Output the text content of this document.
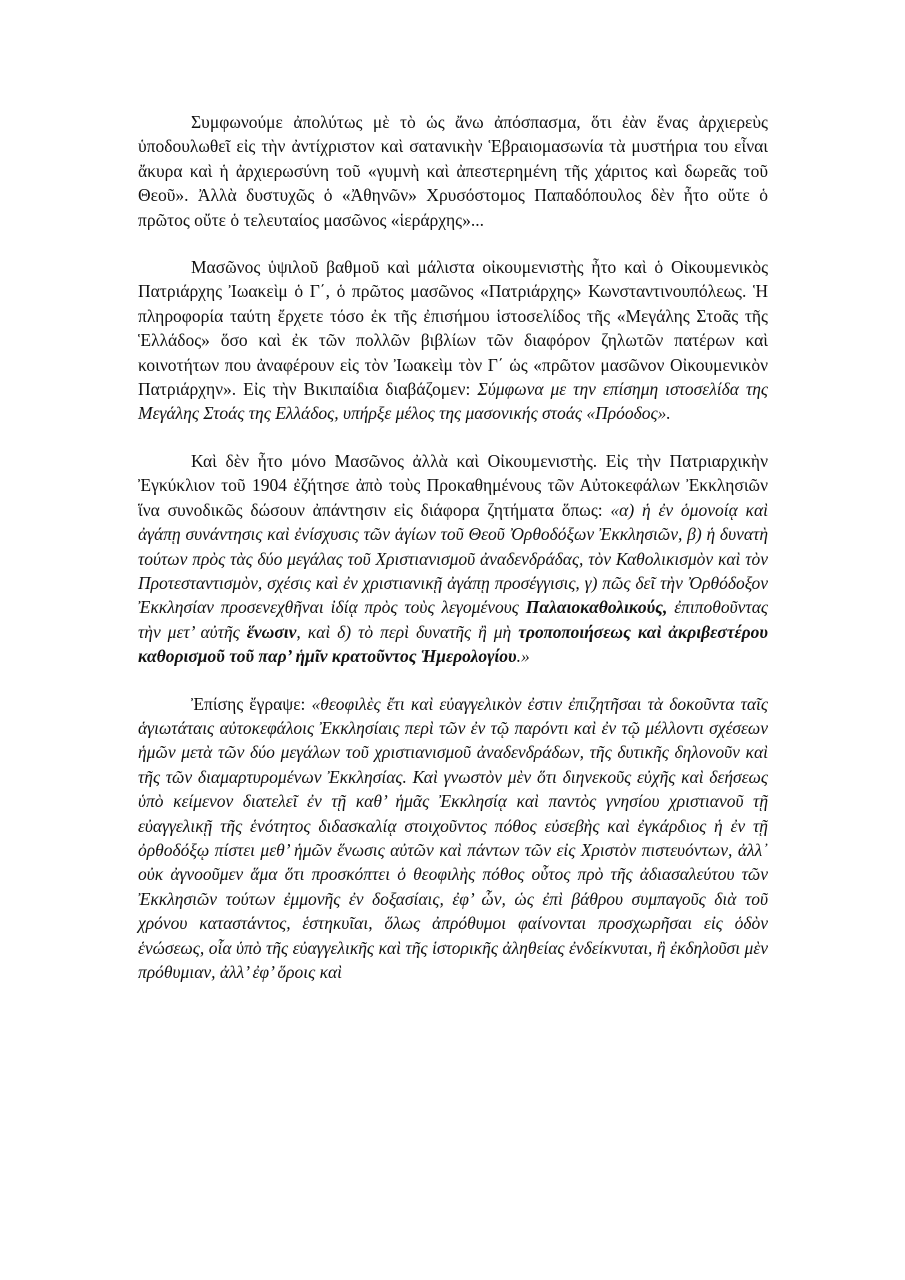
Συμφωνούμε ἀπολύτως μὲ τὸ ὡς ἄνω ἀπόσπασμα, ὅτι ἐὰν ἕνας ἀρχιερεὺς ὑποδουλωθεῖ εἰς τὴν ἀντίχριστον καὶ σατανικὴν Ἑβραιομασωνία τὰ μυστήρια του εἶναι ἄκυρα καὶ ἡ ἀρχιερωσύνη τοῦ «γυμνὴ καὶ ἀπεστερημένη τῆς χάριτος καὶ δωρεᾶς τοῦ Θεοῦ». Ἀλλὰ δυστυχῶς ὁ «Ἀθηνῶν» Χρυσόστομος Παπαδόπουλος δὲν ἦτο οὔτε ὁ πρῶτος οὔτε ὁ τελευταίος μασῶνος «ἱεράρχης»...

Μασῶνος ὑψιλοῦ βαθμοῦ καὶ μάλιστα οἰκουμενιστὴς ἦτο καὶ ὁ Οἰκουμενικὸς Πατριάρχης Ἰωακεὶμ ὁ Γ΄, ὁ πρῶτος μασῶνος «Πατριάρχης» Κωνσταντινουπόλεως. Ἡ πληροφορία ταύτη ἔρχετε τόσο ἐκ τῆς ἐπισήμου ἱστοσελίδος τῆς «Μεγάλης Στοᾶς τῆς Ἑλλάδος» ὅσο καὶ ἐκ τῶν πολλῶν βιβλίων τῶν διαφόρον ζηλωτῶν πατέρων καὶ κοινοτήτων που ἀναφέρουν εἰς τὸν Ἰωακεὶμ τὸν Γ΄ ὡς «πρῶτον μασῶνον Οἰκουμενικὸν Πατριάρχην». Εἰς τὴν Βικιπαίδια διαβάζομεν: Σύμφωνα με την επίσημη ιστοσελίδα της Μεγάλης Στοάς της Ελλάδος, υπήρξε μέλος της μασονικής στοάς «Πρόοδος».

Καὶ δὲν ἦτο μόνο Μασῶνος ἀλλὰ καὶ Οἰκουμενιστὴς. Εἰς τὴν Πατριαρχικὴν Ἐγκύκλιον τοῦ 1904 ἐζήτησε ἀπὸ τοὺς Προκαθημένους τῶν Αὐτοκεφάλων Ἐκκλησιῶν ἵνα συνοδικῶς δώσουν ἀπάντησιν εἰς διάφορα ζητήματα ὅπως: «α) ἡ ἐν ὁμονοίᾳ καὶ ἀγάπῃ συνάντησις καὶ ἐνίσχυσις τῶν ἁγίων τοῦ Θεοῦ Ὀρθοδόξων Ἐκκλησιῶν, β) ἡ δυνατὴ τούτων πρὸς τὰς δύο μεγάλας τοῦ Χριστιανισμοῦ ἀναδενδράδας, τὸν Καθολικισμὸν καὶ τὸν Προτεσταντισμὸν, σχέσις καὶ ἐν χριστιανικῇ ἀγάπῃ προσέγγισις, γ) πῶς δεῖ τὴν Ὀρθόδοξον Ἐκκλησίαν προσενεχθῆναι ἰδίᾳ πρὸς τοὺς λεγομένους Παλαιοκαθολικούς, ἐπιποθοῦντας τὴν μετ’ αὐτῆς ἕνωσιν, καὶ δ) τὸ περὶ δυνατῆς ἢ μὴ τροποποιήσεως καὶ ἀκριβεστέρου καθορισμοῦ τοῦ παρ’ ἡμῖν κρατοῦντος Ἡμερολογίου.»

Ἐπίσης ἔγραψε: «θεοφιλὲς ἔτι καὶ εὐαγγελικὸν ἐστιν ἐπιζητῆσαι τὰ δοκοῦντα ταῖς ἁγιωτάταις αὐτοκεφάλοις Ἐκκλησίαις περὶ τῶν ἐν τῷ παρόντι καὶ ἐν τῷ μέλλοντι σχέσεων ἡμῶν μετὰ τῶν δύο μεγάλων τοῦ χριστιανισμοῦ ἀναδενδράδων, τῆς δυτικῆς δηλονοῦν καὶ τῆς τῶν διαμαρτυρομένων Ἐκκλησίας. Καὶ γνωστὸν μὲν ὅτι διηνεκοῦς εὐχῆς καὶ δεήσεως ὑπὸ κείμενον διατελεῖ ἐν τῇ καθ’ ἡμᾶς Ἐκκλησίᾳ καὶ παντὸς γνησίου χριστιανοῦ τῇ εὐαγγελικῇ τῆς ἑνότητος διδασκαλίᾳ στοιχοῦντος πόθος εὐσεβὴς καὶ ἐγκάρδιος ἡ ἐν τῇ ὀρθοδόξῳ πίστει μεθ’ ἡμῶν ἕνωσις αὐτῶν καὶ πάντων τῶν εἰς Χριστὸν πιστευόντων, ἀλλ᾽ οὐκ ἀγνοοῦμεν ἅμα ὅτι προσκόπτει ὁ θεοφιλὴς πόθος οὗτος πρὸ τῆς ἀδιασαλεύτου τῶν Ἐκκλησιῶν τούτων ἐμμονῆς ἐν δοξασίαις, ἐφ’ ὧν, ὡς ἐπὶ βάθρου συμπαγοῦς διὰ τοῦ χρόνου καταστάντος, ἑστηκυῖαι, ὅλως ἀπρόθυμοι φαίνονται προσχωρῆσαι εἰς ὁδὸν ἑνώσεως, οἷα ὑπὸ τῆς εὐαγγελικῆς καὶ τῆς ἱστορικῆς ἀληθείας ἐνδείκνυται, ἢ ἐκδηλοῦσι μὲν πρόθυμιαν, ἀλλ’ ἐφ’ ὅροις καὶ
